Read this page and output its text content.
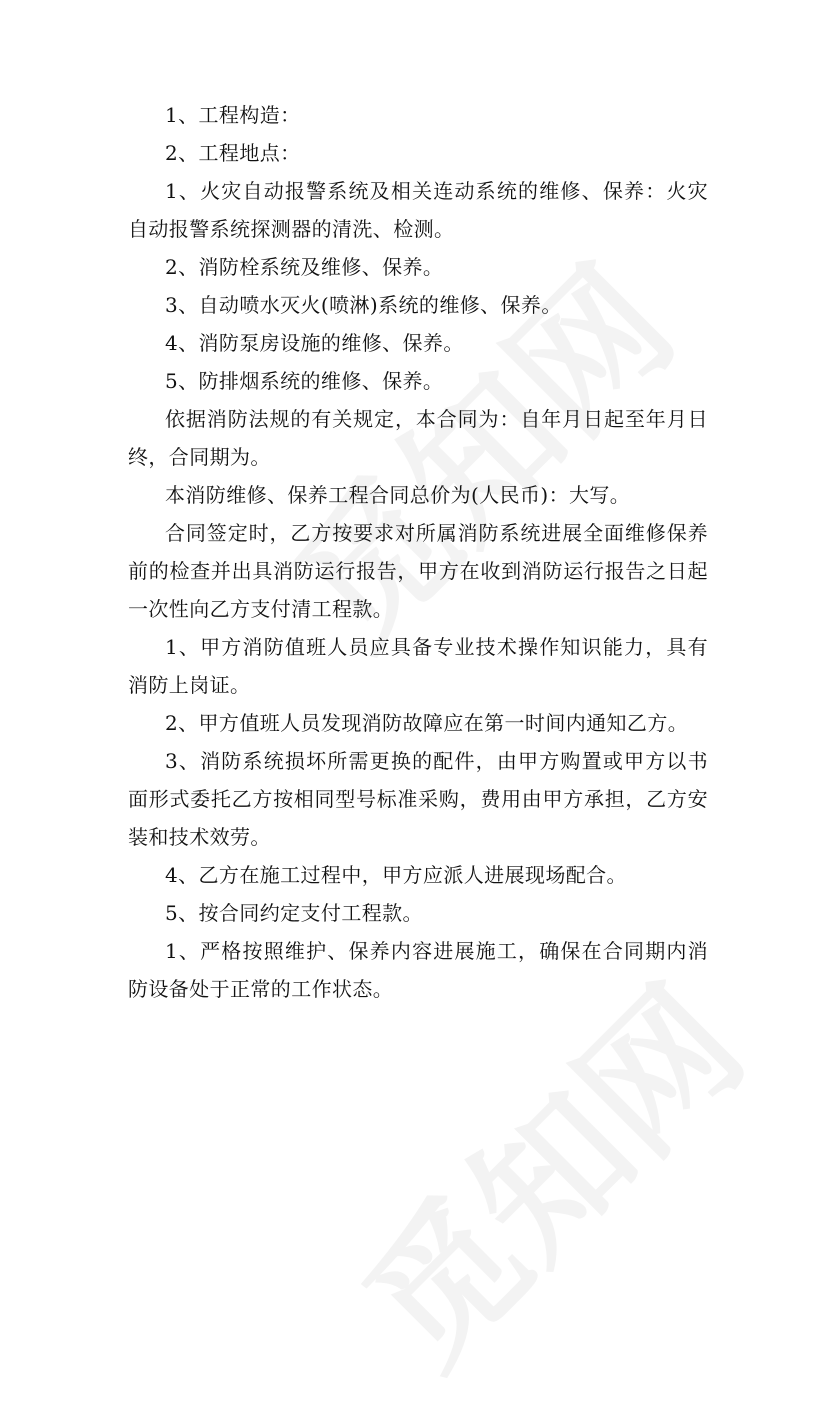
1、工程构造：

2、工程地点：

1、火灾自动报警系统及相关连动系统的维修、保养：火灾自动报警系统探测器的清洗、检测。

2、消防栓系统及维修、保养。

3、自动喷水灭火(喷淋)系统的维修、保养。

4、消防泵房设施的维修、保养。

5、防排烟系统的维修、保养。

依据消防法规的有关规定，本合同为：自年月日起至年月日终，合同期为。

本消防维修、保养工程合同总价为(人民币)：大写。

合同签定时，乙方按要求对所属消防系统进展全面维修保养前的检查并出具消防运行报告，甲方在收到消防运行报告之日起一次性向乙方支付清工程款。

1、甲方消防值班人员应具备专业技术操作知识能力，具有消防上岗证。

2、甲方值班人员发现消防故障应在第一时间内通知乙方。

3、消防系统损坏所需更换的配件，由甲方购置或甲方以书面形式委托乙方按相同型号标准采购，费用由甲方承担，乙方安装和技术效劳。

4、乙方在施工过程中，甲方应派人进展现场配合。

5、按合同约定支付工程款。

1、严格按照维护、保养内容进展施工，确保在合同期内消防设备处于正常的工作状态。
